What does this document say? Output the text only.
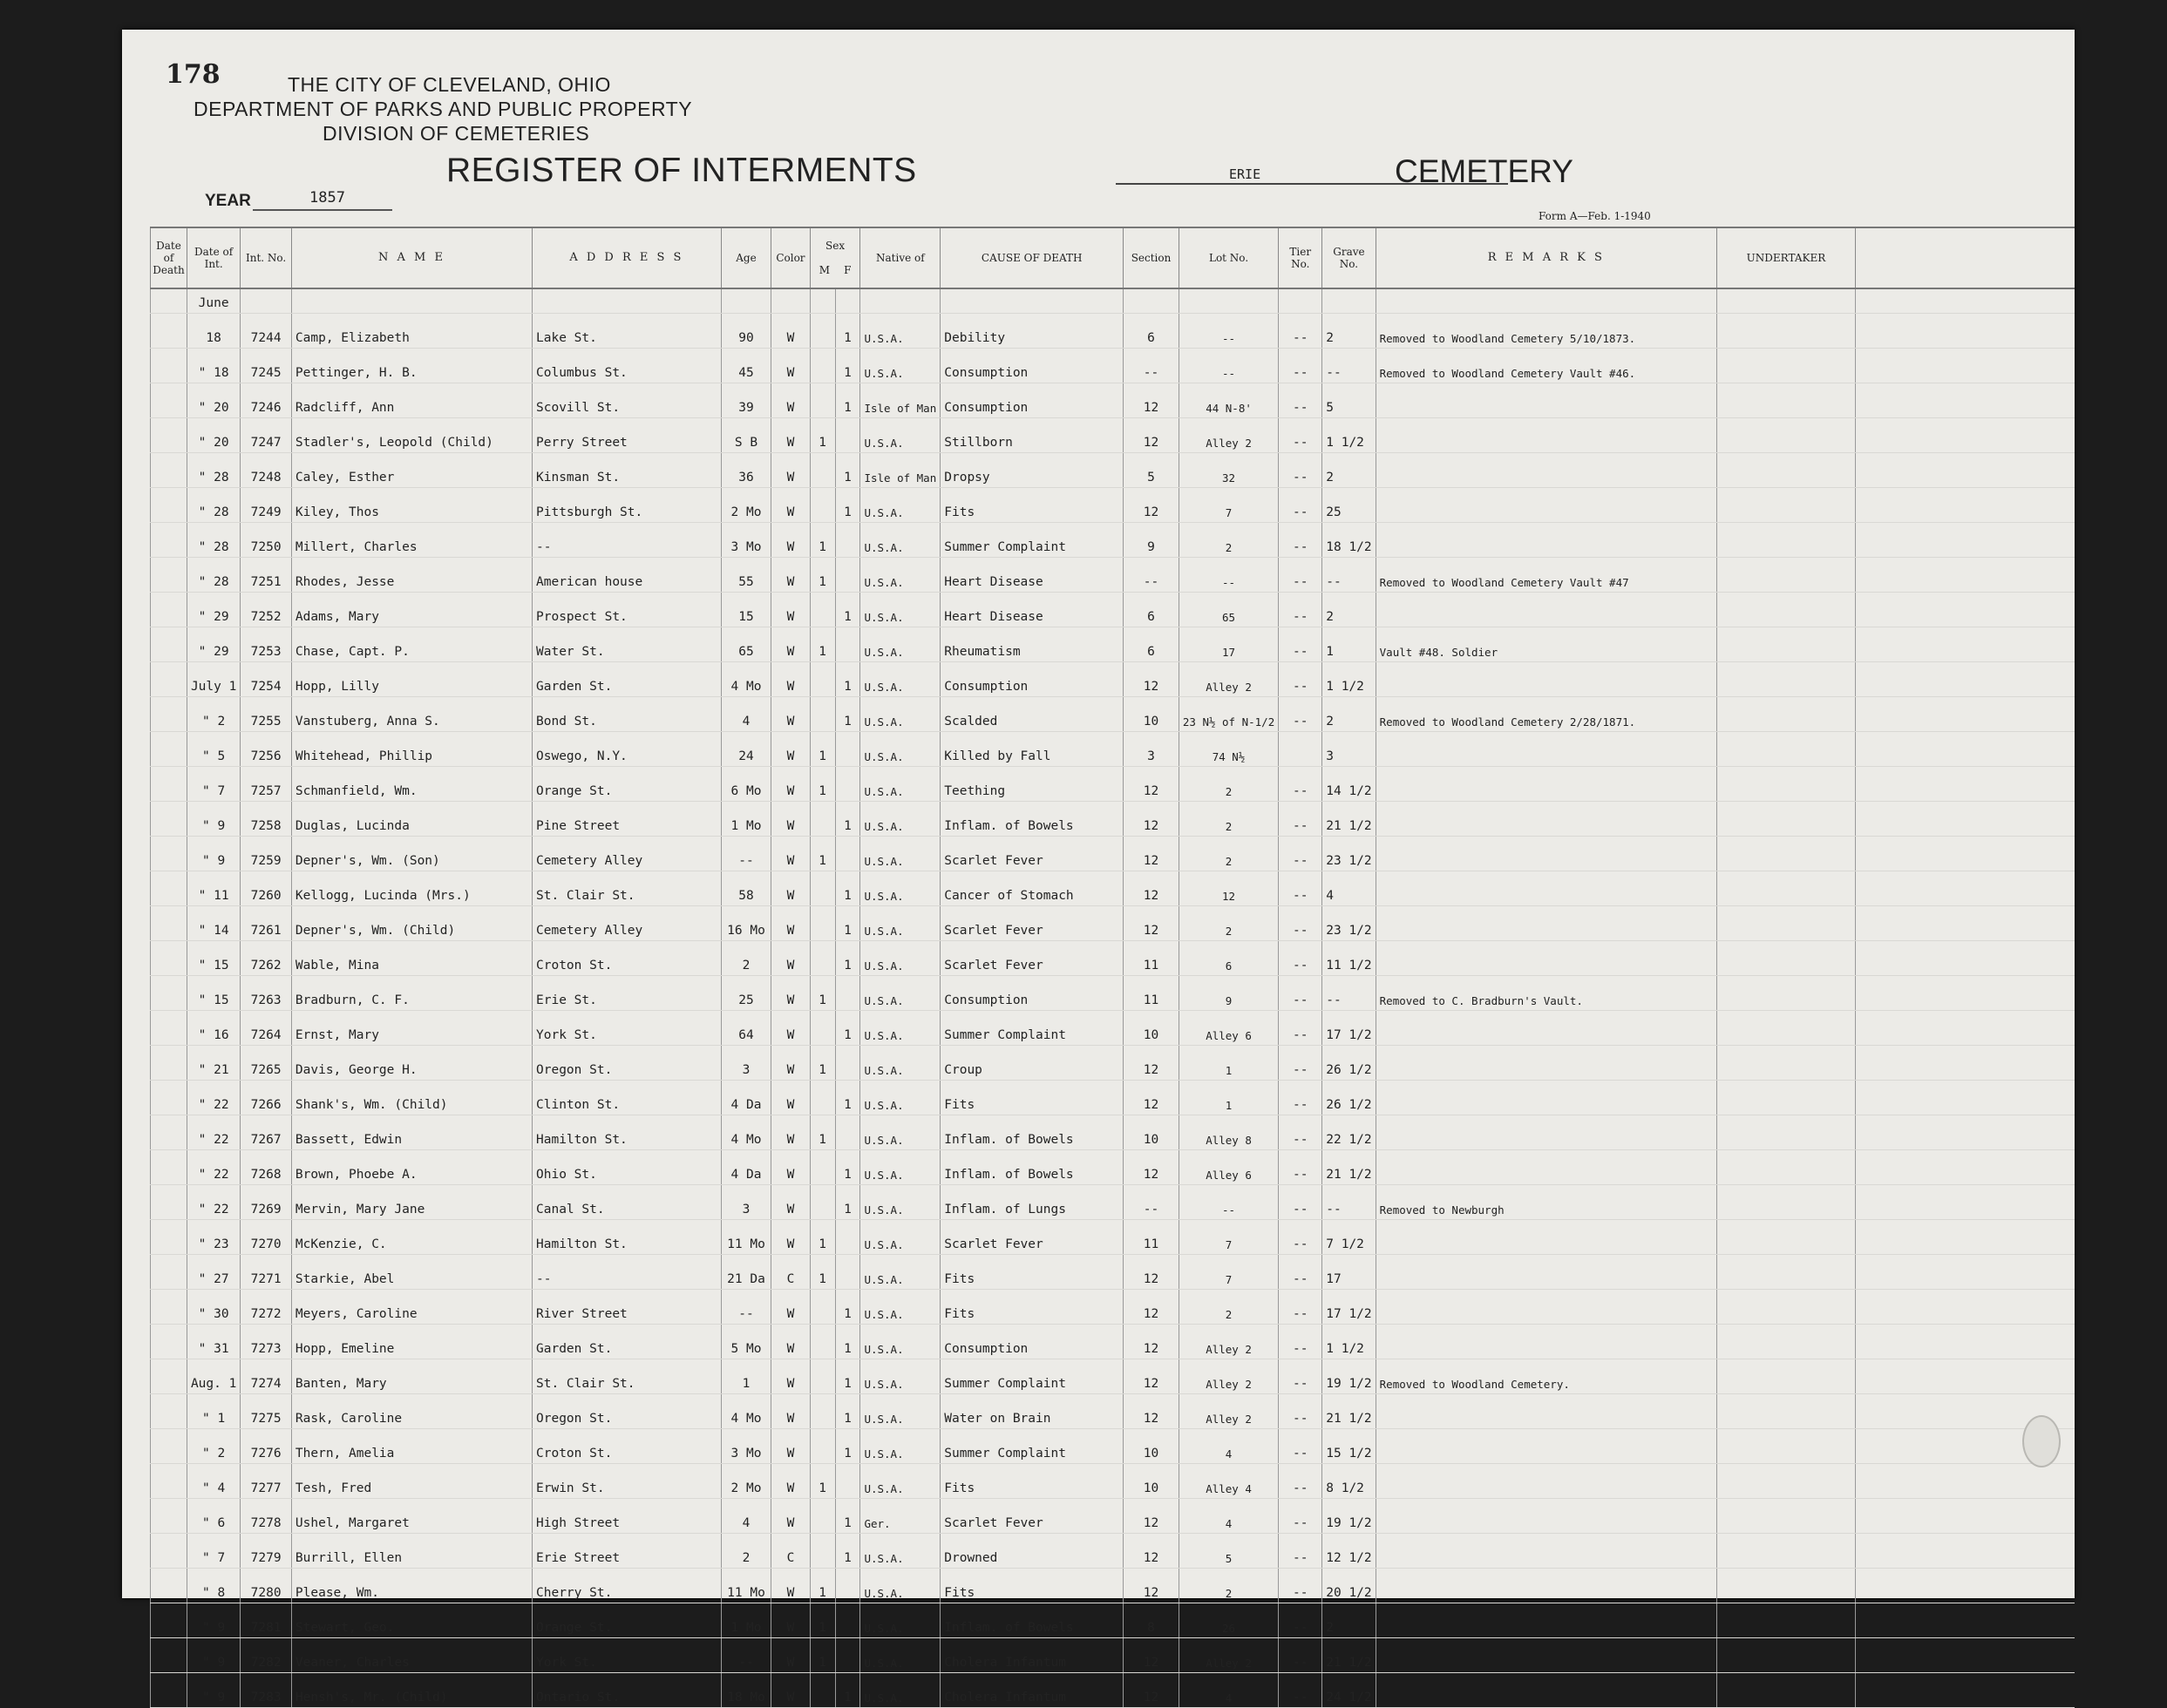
178	THE CITY OF CLEVELAND, OHIO
DEPARTMENT OF PARKS AND PUBLIC PROPERTY
DIVISION OF CEMETERIES
REGISTER OF INTERMENTS	ERIE	CEMETERY
YEAR	1857
Form A—Feb. 1-1940
Date of Death	Date of Int.	Int. No.	N A M E	A D D R E S S	Age	Color	Sex
M F		Native of	CAUSE OF DEATH	Section	Lot No.	Tier No.	Grave No.	R E M A R K S	UNDERTAKER	
	June																
	18	7244	Camp, Elizabeth	Lake St.	90	W		1	U.S.A.	Debility	6	--	--	2	Removed to Woodland Cemetery 5/10/1873.		
	" 18	7245	Pettinger, H. B.	Columbus St.	45	W		1	U.S.A.	Consumption	--	--	--	--	Removed to Woodland Cemetery Vault #46.		
	" 20	7246	Radcliff, Ann	Scovill St.	39	W		1	Isle of Man	Consumption	12	44 N-8'	--	5			
	" 20	7247	Stadler's, Leopold (Child)	Perry Street	S B	W	1		U.S.A.	Stillborn	12	Alley 2	--	1 1/2			
	" 28	7248	Caley, Esther	Kinsman St.	36	W		1	Isle of Man	Dropsy	5	32	--	2			
	" 28	7249	Kiley, Thos	Pittsburgh St.	2 Mo	W		1	U.S.A.	Fits	12	7	--	25			
	" 28	7250	Millert, Charles	--	3 Mo	W	1		U.S.A.	Summer Complaint	9	2	--	18 1/2			
	" 28	7251	Rhodes, Jesse	American house	55	W	1		U.S.A.	Heart Disease	--	--	--	--	Removed to Woodland Cemetery Vault #47		
	" 29	7252	Adams, Mary	Prospect St.	15	W		1	U.S.A.	Heart Disease	6	65	--	2			
	" 29	7253	Chase, Capt. P.	Water St.	65	W	1		U.S.A.	Rheumatism	6	17	--	1	Vault #48. Soldier		
	July 1	7254	Hopp, Lilly	Garden St.	4 Mo	W		1	U.S.A.	Consumption	12	Alley 2	--	1 1/2			
	" 2	7255	Vanstuberg, Anna S.	Bond St.	4	W		1	U.S.A.	Scalded	10	23 N½ of N-1/2	--	2	Removed to Woodland Cemetery 2/28/1871.		
	" 5	7256	Whitehead, Phillip	Oswego, N.Y.	24	W	1		U.S.A.	Killed by Fall	3	74 N½		3			
	" 7	7257	Schmanfield, Wm.	Orange St.	6 Mo	W	1		U.S.A.	Teething	12	2	--	14 1/2			
	" 9	7258	Duglas, Lucinda	Pine Street	1 Mo	W		1	U.S.A.	Inflam. of Bowels	12	2	--	21 1/2			
	" 9	7259	Depner's, Wm. (Son)	Cemetery Alley	--	W	1		U.S.A.	Scarlet Fever	12	2	--	23 1/2			
	" 11	7260	Kellogg, Lucinda (Mrs.)	St. Clair St.	58	W		1	U.S.A.	Cancer of Stomach	12	12	--	4			
	" 14	7261	Depner's, Wm. (Child)	Cemetery Alley	16 Mo	W		1	U.S.A.	Scarlet Fever	12	2	--	23 1/2			
	" 15	7262	Wable, Mina	Croton St.	2	W		1	U.S.A.	Scarlet Fever	11	6	--	11 1/2			
	" 15	7263	Bradburn, C. F.	Erie St.	25	W	1		U.S.A.	Consumption	11	9	--	--	Removed to C. Bradburn's Vault.		
	" 16	7264	Ernst, Mary	York St.	64	W		1	U.S.A.	Summer Complaint	10	Alley 6	--	17 1/2			
	" 21	7265	Davis, George H.	Oregon St.	3	W	1		U.S.A.	Croup	12	1	--	26 1/2			
	" 22	7266	Shank's, Wm. (Child)	Clinton St.	4 Da	W		1	U.S.A.	Fits	12	1	--	26 1/2			
	" 22	7267	Bassett, Edwin	Hamilton St.	4 Mo	W	1		U.S.A.	Inflam. of Bowels	10	Alley 8	--	22 1/2			
	" 22	7268	Brown, Phoebe A.	Ohio St.	4 Da	W		1	U.S.A.	Inflam. of Bowels	12	Alley 6	--	21 1/2			
	" 22	7269	Mervin, Mary Jane	Canal St.	3	W		1	U.S.A.	Inflam. of Lungs	--	--	--	--	Removed to Newburgh		
	" 23	7270	McKenzie, C.	Hamilton St.	11 Mo	W	1		U.S.A.	Scarlet Fever	11	7	--	7 1/2			
	" 27	7271	Starkie, Abel	--	21 Da	C	1		U.S.A.	Fits	12	7	--	17			
	" 30	7272	Meyers, Caroline	River Street	--	W		1	U.S.A.	Fits	12	2	--	17 1/2			
	" 31	7273	Hopp, Emeline	Garden St.	5 Mo	W		1	U.S.A.	Consumption	12	Alley 2	--	1 1/2			
	Aug. 1	7274	Banten, Mary	St. Clair St.	1	W		1	U.S.A.	Summer Complaint	12	Alley 2	--	19 1/2	Removed to Woodland Cemetery.		
	" 1	7275	Rask, Caroline	Oregon St.	4 Mo	W		1	U.S.A.	Water on Brain	12	Alley 2	--	21 1/2			
	" 2	7276	Thern, Amelia	Croton St.	3 Mo	W		1	U.S.A.	Summer Complaint	10	4	--	15 1/2			
	" 4	7277	Tesh, Fred	Erwin St.	2 Mo	W	1		U.S.A.	Fits	10	Alley 4	--	8 1/2			
	" 6	7278	Ushel, Margaret	High Street	4	W		1	Ger.	Scarlet Fever	12	4	--	19 1/2			
	" 7	7279	Burrill, Ellen	Erie Street	2	C		1	U.S.A.	Drowned	12	5	--	12 1/2			
	" 8	7280	Please, Wm.	Cherry St.	11 Mo	W	1		U.S.A.	Fits	12	2	--	20 1/2			
	" 9	7281	Stewart, Geo.	Orange St.	1 Mo	W	1		U.S.A.	Inflam. of Bowels	8	26	--	2			
	" 9	7282	Veaner, Charles	York St.	--	W	1		U.S.A.	Cholera Infantum	12	Alley 2	--	21 1/2			
	" 9	7283	Hensh's, Mr. (Child)	Ontario St.	18 Mo	W		1	U.S.A.	Cholera Infantum	12	4	--	24 1/2			
